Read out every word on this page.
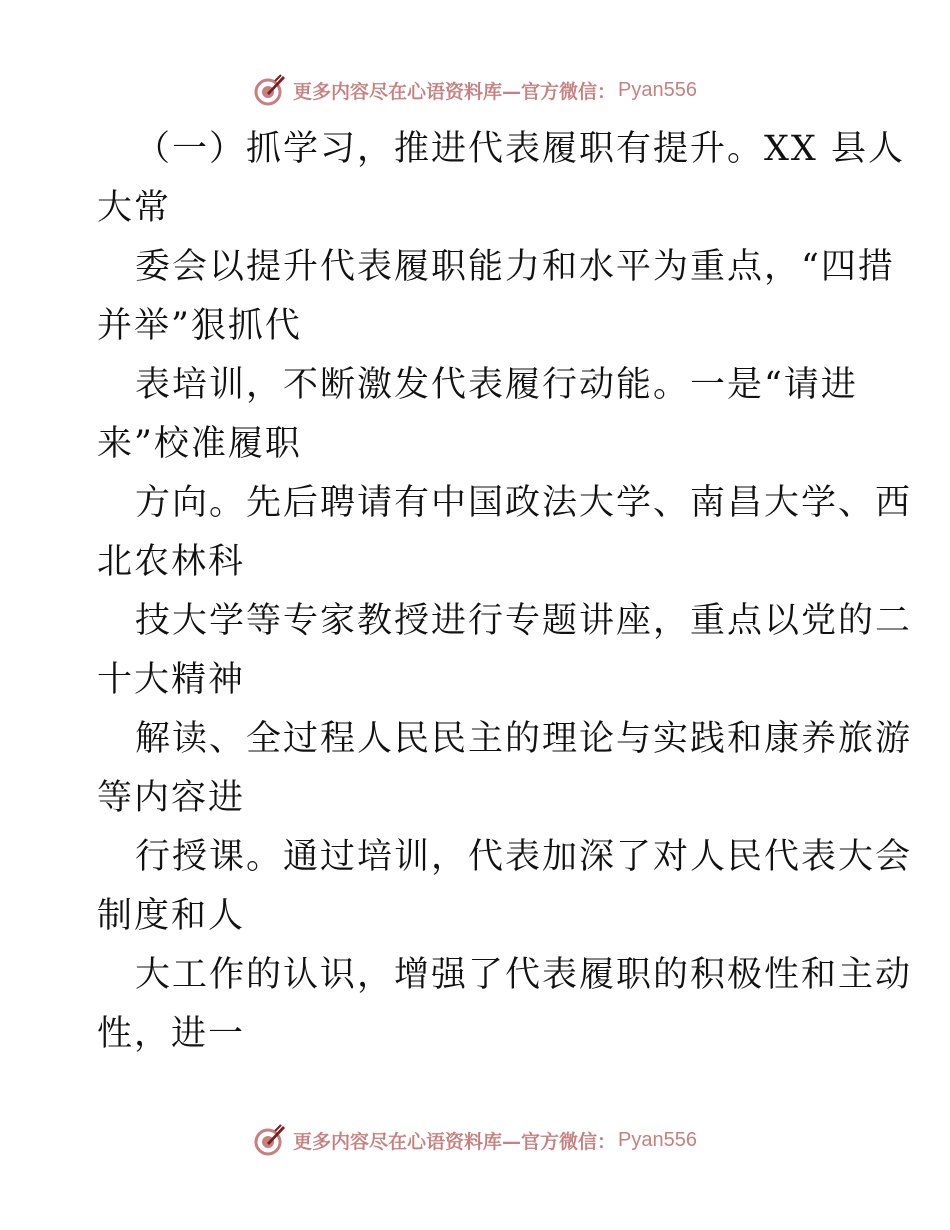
更多内容尽在心语资料库—官方微信： Pyan556
（一）抓学习，推进代表履职有提升。XX 县人
大常
委会以提升代表履职能力和水平为重点，“四措
并举”狠抓代
表培训，不断激发代表履行动能。一是“请进
来”校准履职
方向。先后聘请有中国政法大学、南昌大学、西
北农林科
技大学等专家教授进行专题讲座，重点以党的二
十大精神
解读、全过程人民民主的理论与实践和康养旅游
等内容进
行授课。通过培训，代表加深了对人民代表大会
制度和人
大工作的认识，增强了代表履职的积极性和主动
性，进一
更多内容尽在心语资料库—官方微信： Pyan556
